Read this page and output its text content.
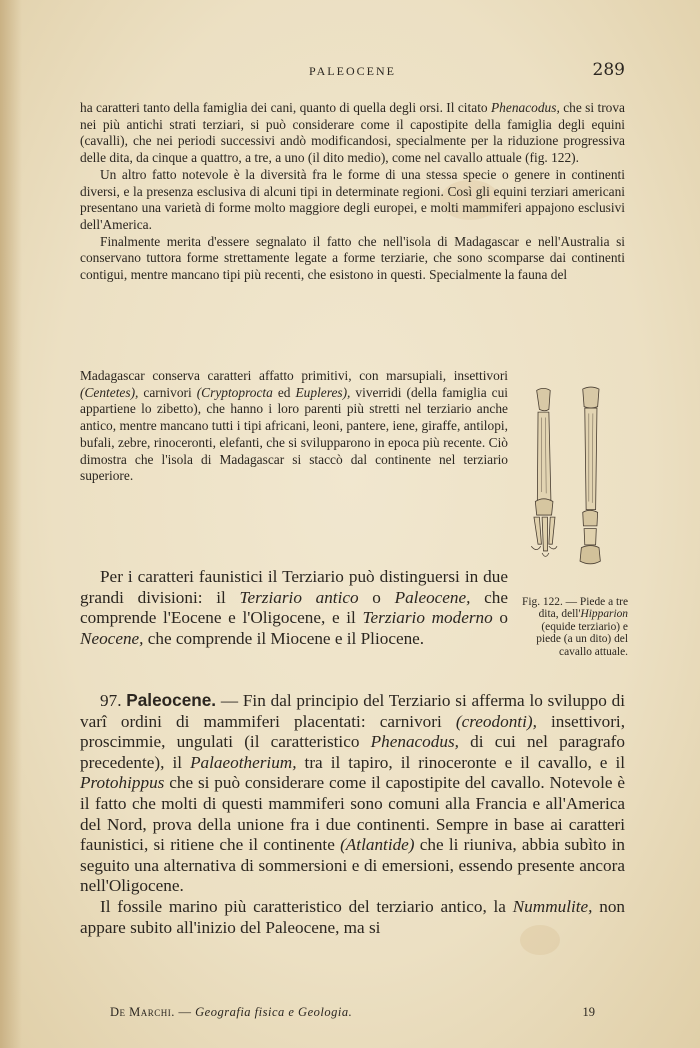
PALEOCENE	289

ha caratteri tanto della famiglia dei cani, quanto di quella degli orsi. Il citato Phenacodus, che si trova nei più antichi strati terziari, si può considerare come il capostipite della famiglia degli equini (cavalli), che nei periodi successivi andò modificandosi, specialmente per la riduzione progressiva delle dita, da cinque a quattro, a tre, a uno (il dito medio), come nel cavallo attuale (fig. 122).

Un altro fatto notevole è la diversità fra le forme di una stessa specie o genere in continenti diversi, e la presenza esclusiva di alcuni tipi in determinate regioni. Così gli equini terziari americani presentano una varietà di forme molto maggiore degli europei, e molti mammiferi appajono esclusivi dell'America.

Finalmente merita d'essere segnalato il fatto che nell'isola di Madagascar e nell'Australia si conservano tuttora forme strettamente legate a forme terziarie, che sono scomparse dai continenti contigui, mentre mancano tipi più recenti, che esistono in questi. Specialmente la fauna del

Madagascar conserva caratteri affatto primitivi, con marsupiali, insettivori (Centetes), carnivori (Cryptoprocta ed Eupleres), viverridi (della famiglia cui appartiene lo zibetto), che hanno i loro parenti più stretti nel terziario anche antico, mentre mancano tutti i tipi africani, leoni, pantere, iene, giraffe, antilopi, bufali, zebre, rinoceronti, elefanti, che si svilupparono in epoca più recente. Ciò dimostra che l'isola di Madagascar si staccò dal continente nel terziario superiore.

Fig. 122. — Piede a tre dita, dell'Hipparion (equide terziario) e piede (a un dito) del cavallo attuale.

Per i caratteri faunistici il Terziario può distinguersi in due grandi divisioni: il Terziario antico o Paleocene, che comprende l'Eocene e l'Oligocene, e il Terziario moderno o Neocene, che comprende il Miocene e il Pliocene.

97. Paleocene. — Fin dal principio del Terziario si afferma lo sviluppo di varî ordini di mammiferi placentati: carnivori (creodonti), insettivori, proscimmie, ungulati (il caratteristico Phenacodus, di cui nel paragrafo precedente), il Palaeotherium, tra il tapiro, il rinoceronte e il cavallo, e il Protohippus che si può considerare come il capostipite del cavallo. Notevole è il fatto che molti di questi mammiferi sono comuni alla Francia e all'America del Nord, prova della unione fra i due continenti. Sempre in base ai caratteri faunistici, si ritiene che il continente (Atlantide) che li riuniva, abbia subìto in seguito una alternativa di sommersioni e di emersioni, essendo presente ancora nell'Oligocene.

Il fossile marino più caratteristico del terziario antico, la Nummulite, non appare subito all'inizio del Paleocene, ma si

De Marchi. — Geografia fisica e Geologia.	19
